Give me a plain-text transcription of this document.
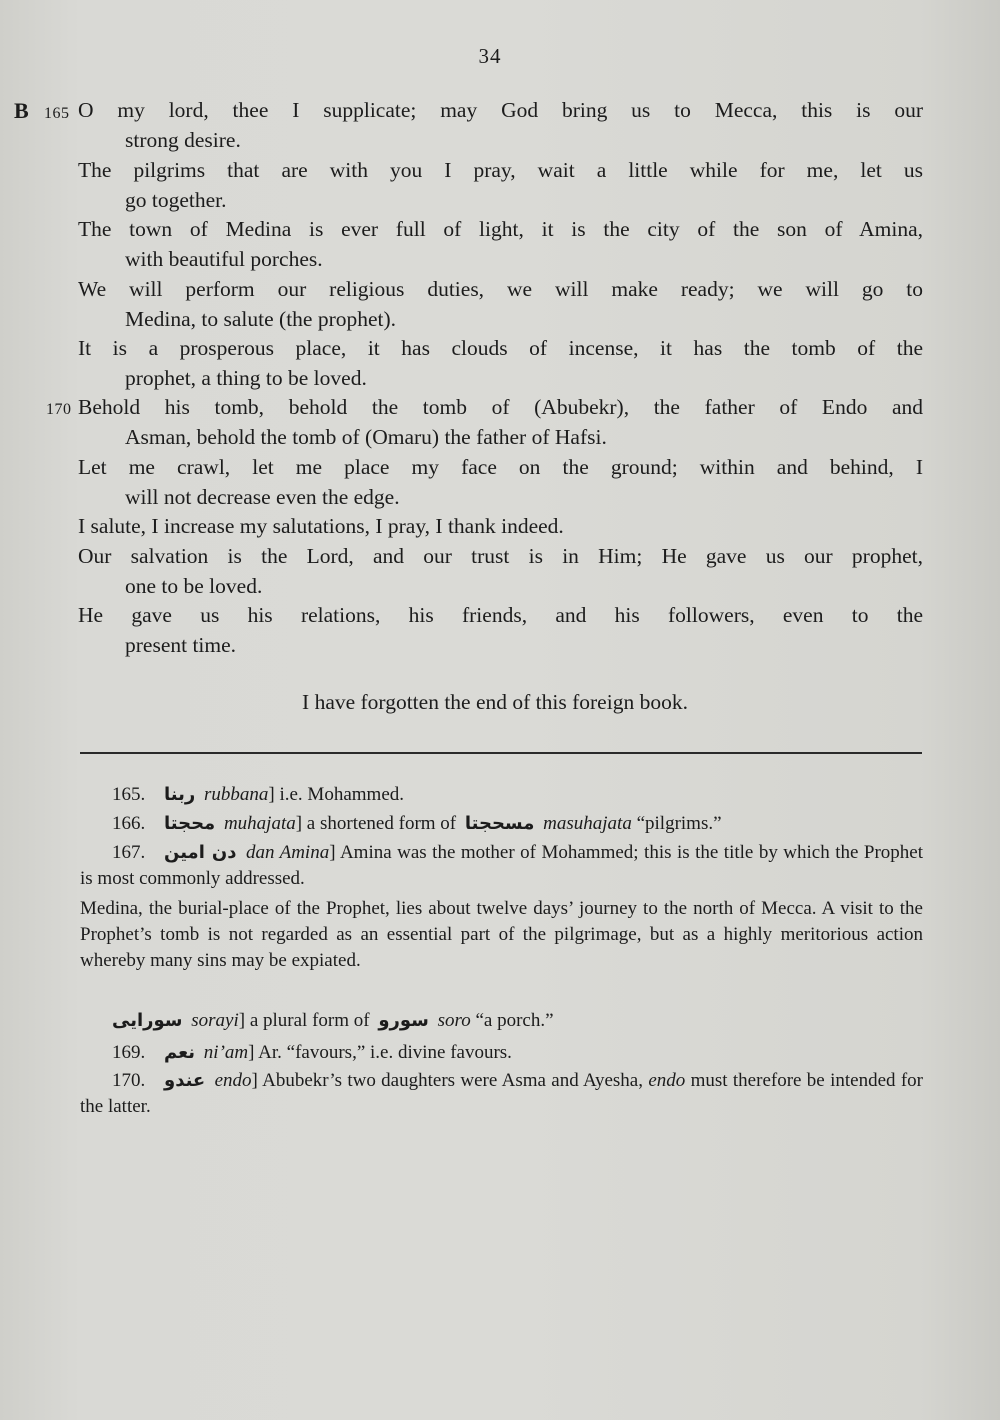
34
B 165
170
O my lord, thee I supplicate; may God bring us to Mecca, this is our
strong desire.
The pilgrims that are with you I pray, wait a little while for me, let us
go together.
The town of Medina is ever full of light, it is the city of the son of Amina,
with beautiful porches.
We will perform our religious duties, we will make ready; we will go to
Medina, to salute (the prophet).
It is a prosperous place, it has clouds of incense, it has the tomb of the
prophet, a thing to be loved.
Behold his tomb, behold the tomb of (Abubekr), the father of Endo and
Asman, behold the tomb of (Omaru) the father of Hafsi.
Let me crawl, let me place my face on the ground; within and behind, I
will not decrease even the edge.
I salute, I increase my salutations, I pray, I thank indeed.
Our salvation is the Lord, and our trust is in Him; He gave us our prophet,
one to be loved.
He gave us his relations, his friends, and his followers, even to the
present time.
I have forgotten the end of this foreign book.
165. ربنا rubbana] i.e. Mohammed.
166. محجتا muhajata] a shortened form of مسحجتا masuhajata “pilgrims.”
167. دن امين dan Amina] Amina was the mother of Mohammed; this is the title by which the Prophet is most commonly addressed.
Medina, the burial-place of the Prophet, lies about twelve days’ journey to the north of Mecca. A visit to the Prophet’s tomb is not regarded as an essential part of the pilgrimage, but as a highly meritorious action whereby many sins may be expiated.
سورايى sorayi] a plural form of سورو soro “a porch.”
169. نعم ni’am] Ar. “favours,” i.e. divine favours.
170. عندو endo] Abubekr’s two daughters were Asma and Ayesha, endo must therefore be intended for the latter.
